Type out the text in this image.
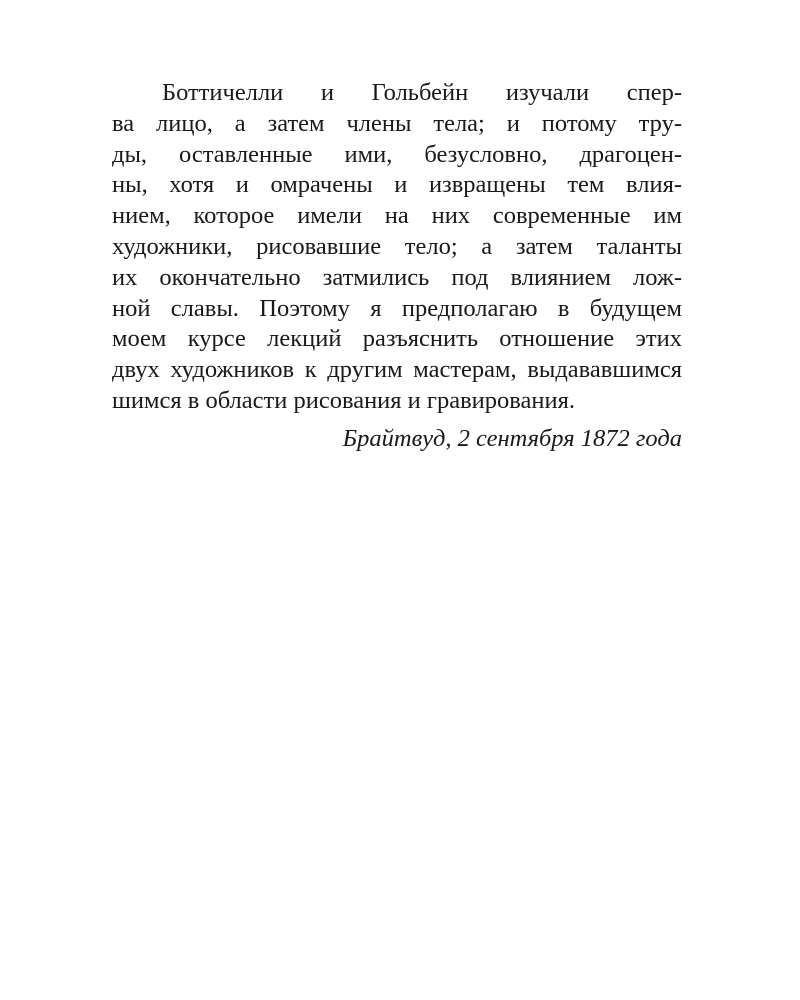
Боттичелли и Гольбейн изучали спер-
ва лицо, а затем члены тела; и потому тру-
ды, оставленные ими, безусловно, драгоцен-
ны, хотя и омрачены и извращены тем влия-
нием, которое имели на них современные им
художники, рисовавшие тело; а затем таланты
их окончательно затмились под влиянием лож-
ной славы. Поэтому я предполагаю в будущем
моем курсе лекций разъяснить отношение этих
двух художников к другим мастерам, выдававшимся
шимся в области рисования и гравирования.
Брайтвуд, 2 сентября 1872 года
